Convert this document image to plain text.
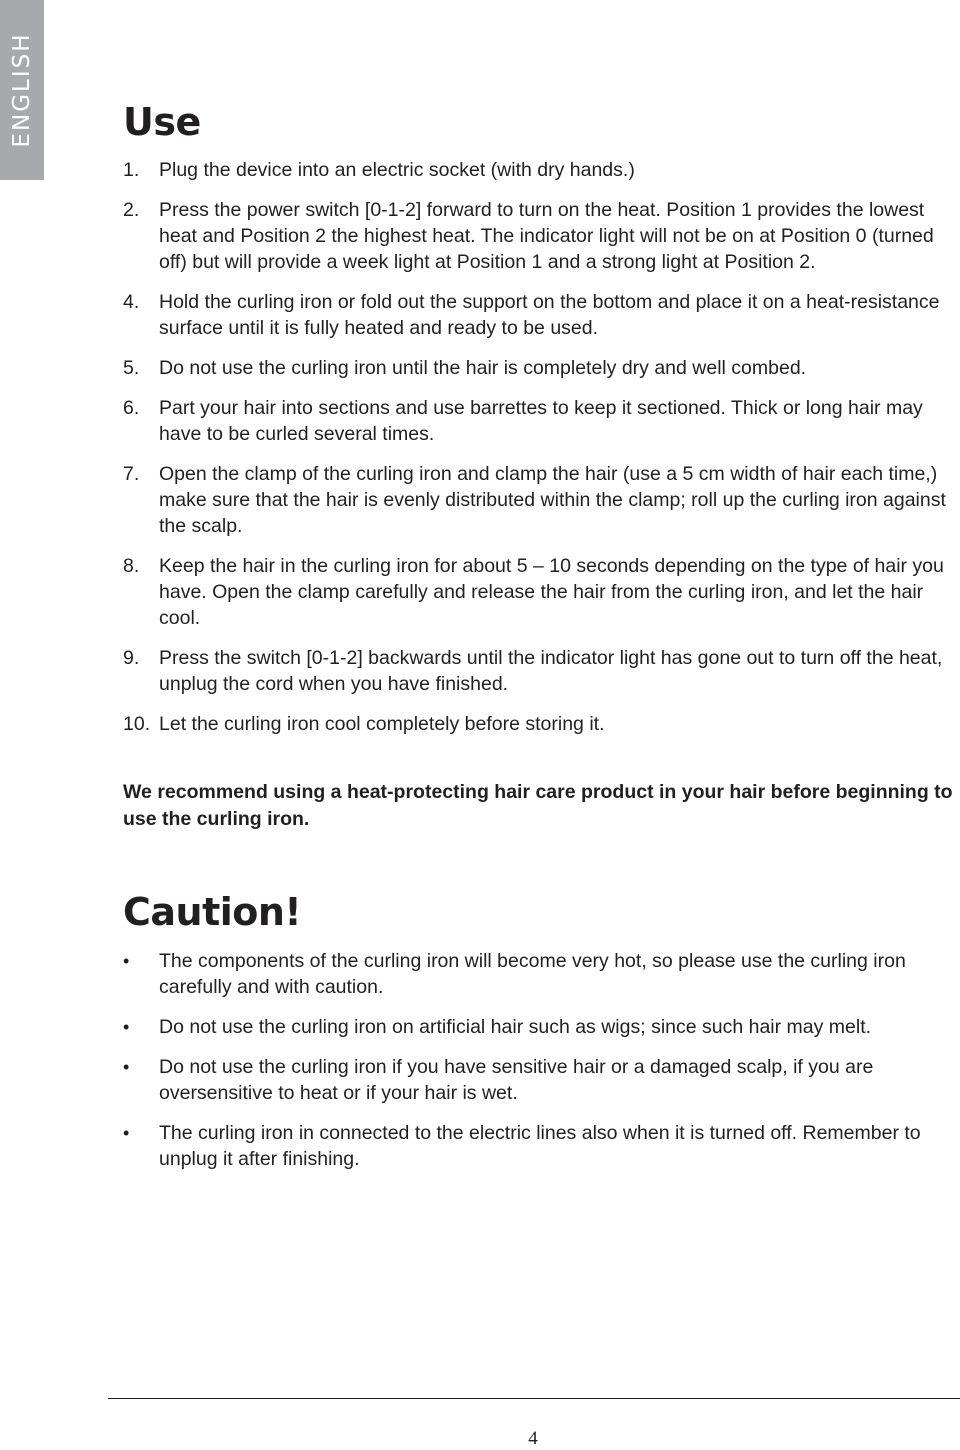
ENGLISH Use
1. Plug the device into an electric socket (with dry hands.)
2. Press the power switch [0-1-2] forward to turn on the heat. Position 1 provides the lowest heat and Position 2 the highest heat. The indicator light will not be on at Position 0 (turned off) but will provide a week light at Position 1 and a strong light at Position 2.
4. Hold the curling iron or fold out the support on the bottom and place it on a heat-resistance surface until it is fully heated and ready to be used.
5. Do not use the curling iron until the hair is completely dry and well combed.
6. Part your hair into sections and use barrettes to keep it sectioned. Thick or long hair may have to be curled several times.
7. Open the clamp of the curling iron and clamp the hair (use a 5 cm width of hair each time,) make sure that the hair is evenly distributed within the clamp; roll up the curling iron against the scalp.
8. Keep the hair in the curling iron for about 5 – 10 seconds depending on the type of hair you have. Open the clamp carefully and release the hair from the curling iron, and let the hair cool.
9. Press the switch [0-1-2] backwards until the indicator light has gone out to turn off the heat, unplug the cord when you have finished.
10. Let the curling iron cool completely before storing it.

We recommend using a heat-protecting hair care product in your hair before beginning to use the curling iron.

Caution!
• The components of the curling iron will become very hot, so please use the curling iron carefully and with caution.
• Do not use the curling iron on artificial hair such as wigs; since such hair may melt.
• Do not use the curling iron if you have sensitive hair or a damaged scalp, if you are oversensitive to heat or if your hair is wet.
• The curling iron in connected to the electric lines also when it is turned off. Remember to unplug it after finishing.
4
